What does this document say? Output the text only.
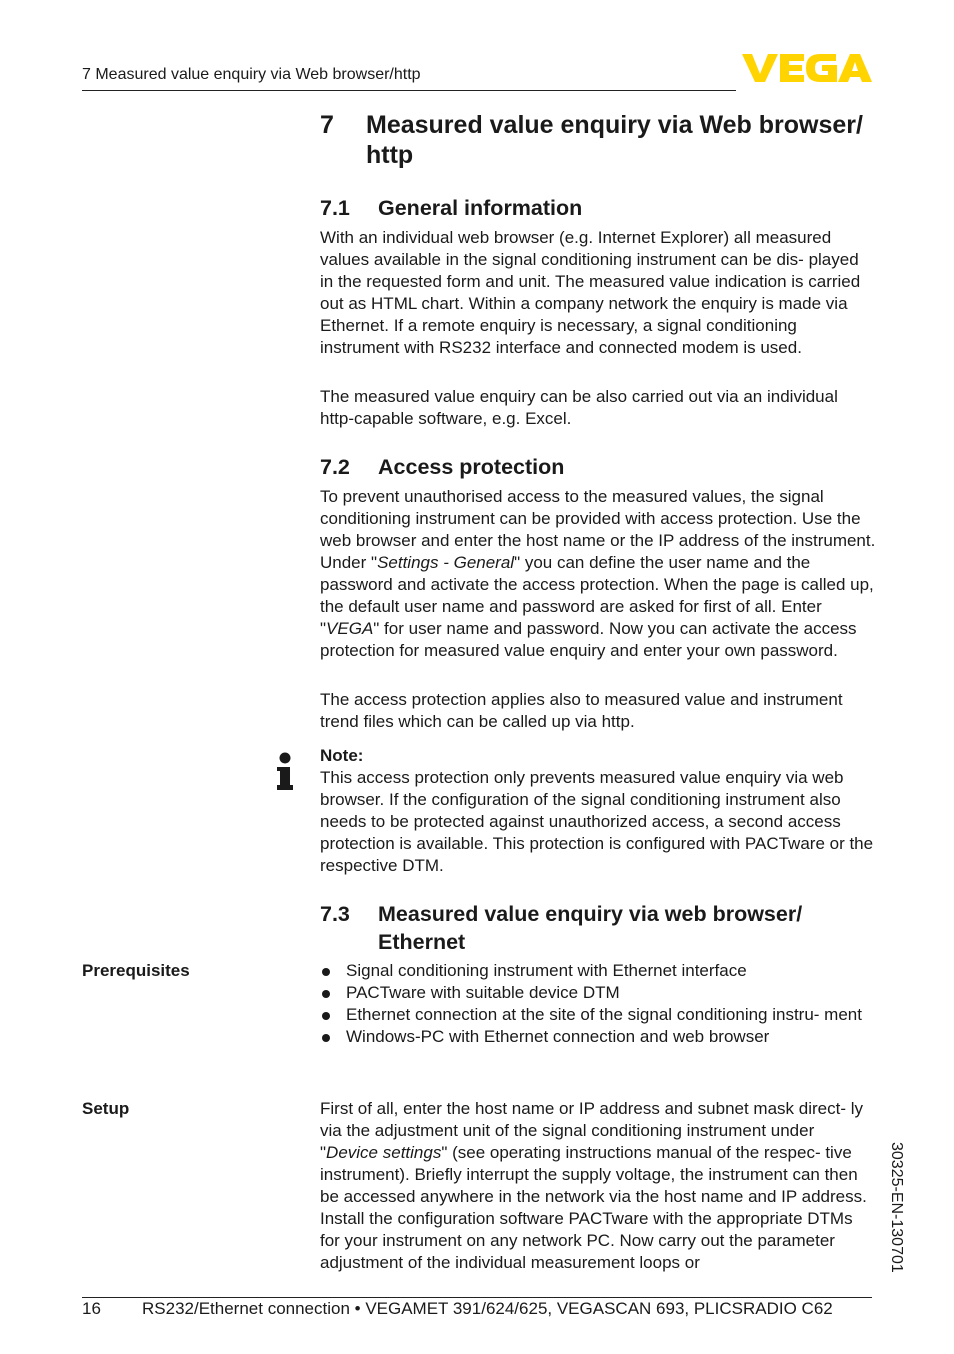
7 Measured value enquiry via Web browser/http
7 Measured value enquiry via Web browser/ http
7.1 General information

With an individual web browser (e.g. Internet Explorer) all measured values available in the signal conditioning instrument can be dis- played in the requested form and unit. The measured value indication is carried out as HTML chart. Within a company network the enquiry is made via Ethernet. If a remote enquiry is necessary, a signal conditioning instrument with RS232 interface and connected modem is used.

The measured value enquiry can be also carried out via an individual http-capable software, e.g. Excel.

7.2 Access protection

To prevent unauthorised access to the measured values, the signal conditioning instrument can be provided with access protection. Use the web browser and enter the host name or the IP address of the instrument. Under "Settings - General" you can define the user name and the password and activate the access protection. When the page is called up, the default user name and password are asked for first of all. Enter "VEGA" for user name and password. Now you can activate the access protection for measured value enquiry and enter your own password.

The access protection applies also to measured value and instrument trend files which can be called up via http.

Note:
This access protection only prevents measured value enquiry via web browser. If the configuration of the signal conditioning instrument also needs to be protected against unauthorized access, a second access protection is available. This protection is configured with PACTware or the respective DTM.

7.3 Measured value enquiry via web browser/ Ethernet
Prerequisites	Signal conditioning instrument with Ethernet interface
PACTware with suitable device DTM
Ethernet connection at the site of the signal conditioning instru- ment
Windows-PC with Ethernet connection and web browser
Setup	First of all, enter the host name or IP address and subnet mask direct- ly via the adjustment unit of the signal conditioning instrument under "Device settings" (see operating instructions manual of the respec- tive instrument). Briefly interrupt the supply voltage, the instrument can then be accessed anywhere in the network via the host name and IP address. Install the configuration software PACTware with the appropriate DTMs for your instrument on any network PC. Now carry out the parameter adjustment of the individual measurement loops or	30325-EN-130701
16 RS232/Ethernet connection • VEGAMET 391/624/625, VEGASCAN 693, PLICSRADIO C62
